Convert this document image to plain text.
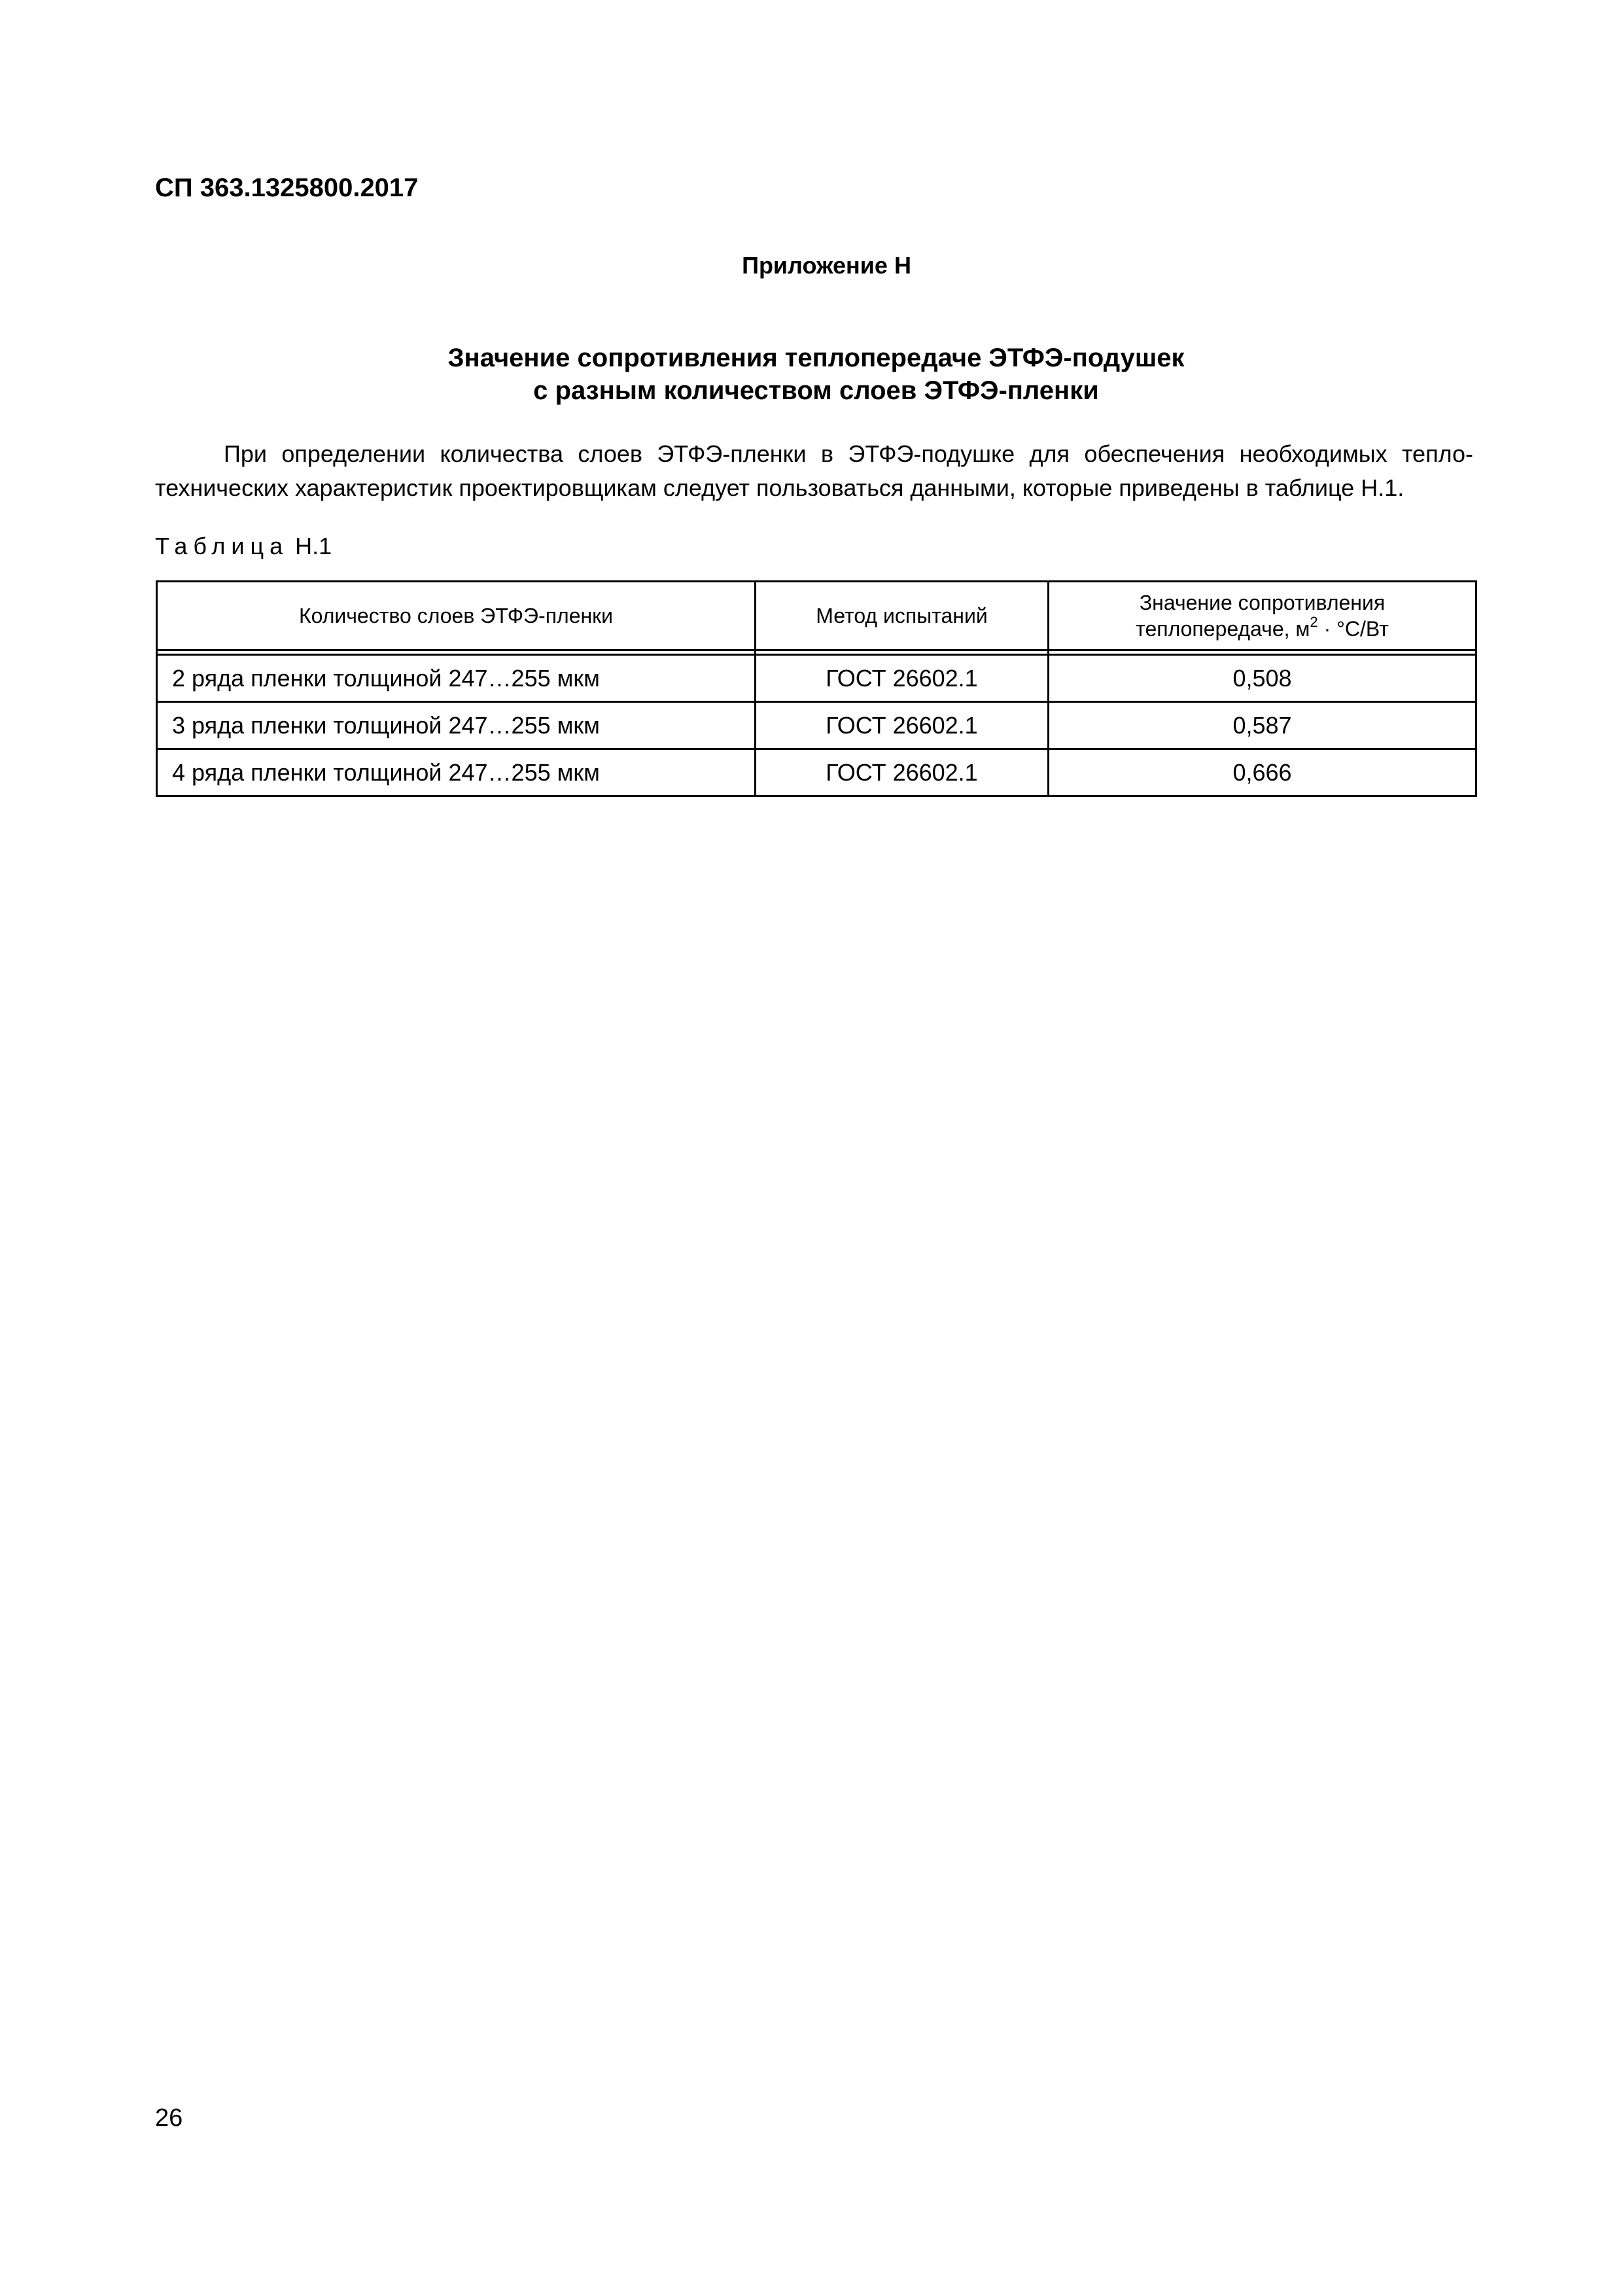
СП 363.1325800.2017
Приложение Н
Значение сопротивления теплопередаче ЭТФЭ-подушек
с разным количеством слоев ЭТФЭ-пленки
При определении количества слоев ЭТФЭ-пленки в ЭТФЭ-подушке для обеспечения необходимых тепло-
технических характеристик проектировщикам следует пользоваться данными, которые приведены в таблице Н.1.
Таблица Н.1
Количество слоев ЭТФЭ-пленки	Метод испытаний	Значение сопротивления
теплопередаче, $м^2 \cdot ^\circ С/Вт$

2 ряда пленки толщиной 247…255 мкм	ГОСТ 26602.1	0,508
3 ряда пленки толщиной 247…255 мкм	ГОСТ 26602.1	0,587
4 ряда пленки толщиной 247…255 мкм	ГОСТ 26602.1	0,666
26
